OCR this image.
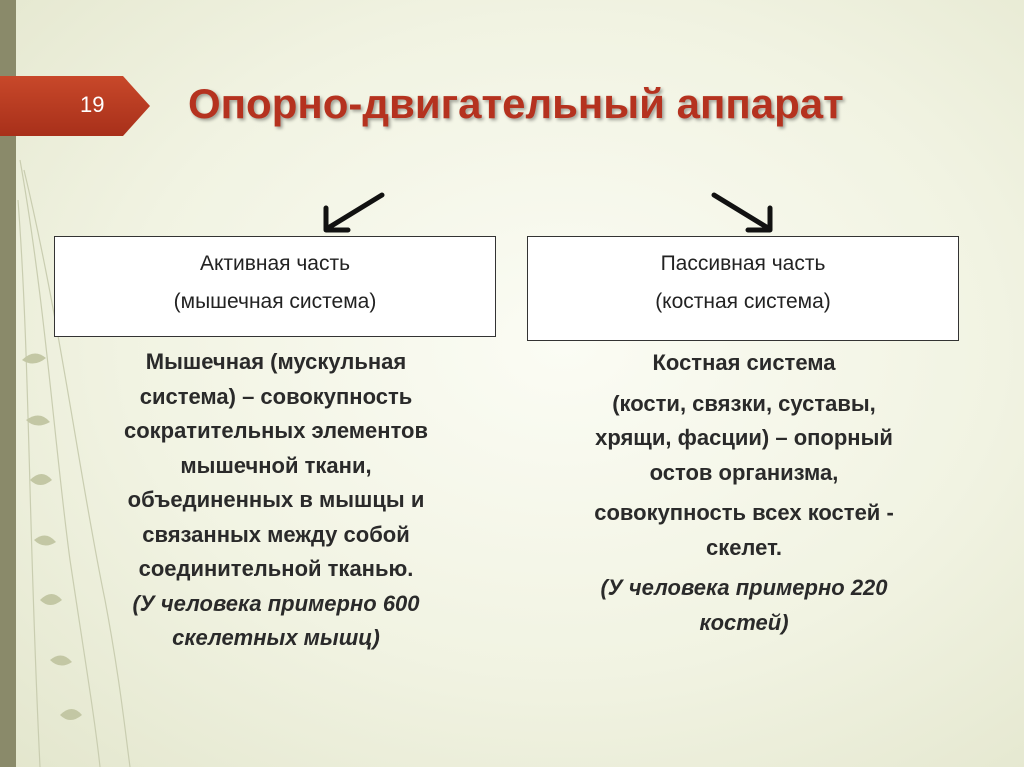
19	Опорно-двигательный аппарат
Активная часть
(мышечная система)
Пассивная часть
(костная система)
Мышечная (мускульная
система) – совокупность
сократительных элементов
мышечной ткани,
объединенных в мышцы и
связанных между собой
соединительной тканью.
(У человека примерно 600
скелетных мышц)
Костная система
(кости, связки, суставы,
хрящи, фасции) – опорный
остов организма,
совокупность всех костей -
скелет.
(У человека примерно 220
костей)
